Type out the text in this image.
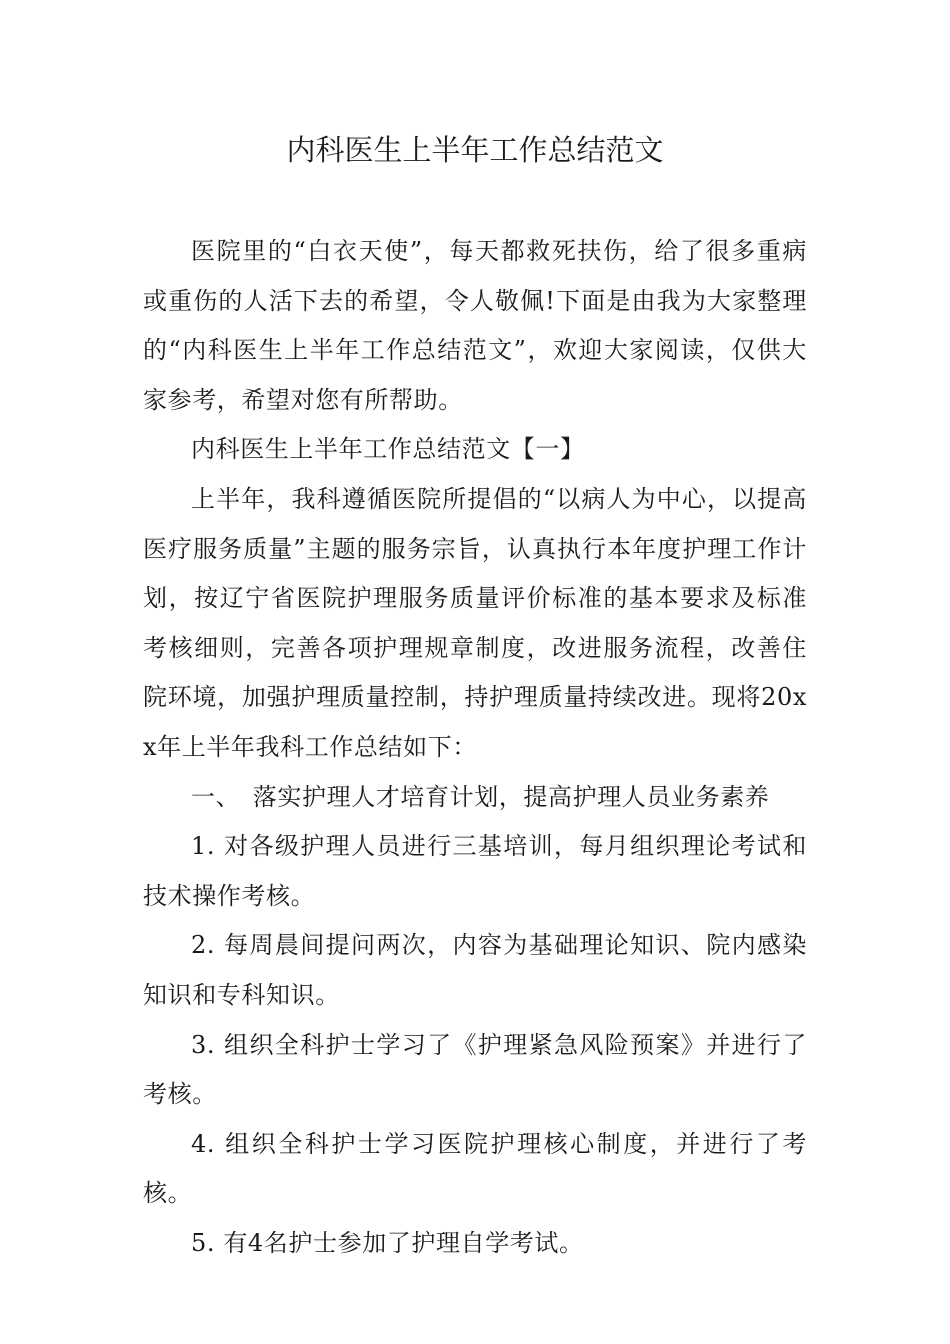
内科医生上半年工作总结范文

医院里的“白衣天使”，每天都救死扶伤，给了很多重病或重伤的人活下去的希望，令人敬佩!下面是由我为大家整理的“内科医生上半年工作总结范文”，欢迎大家阅读，仅供大家参考，希望对您有所帮助。

内科医生上半年工作总结范文【一】

上半年，我科遵循医院所提倡的“以病人为中心，以提高医疗服务质量”主题的服务宗旨，认真执行本年度护理工作计划，按辽宁省医院护理服务质量评价标准的基本要求及标准考核细则，完善各项护理规章制度，改进服务流程，改善住院环境，加强护理质量控制，持护理质量持续改进。现将20xx年上半年我科工作总结如下：

一、　落实护理人才培育计划，提高护理人员业务素养

1. 对各级护理人员进行三基培训，每月组织理论考试和技术操作考核。

2. 每周晨间提问两次，内容为基础理论知识、院内感染知识和专科知识。

3. 组织全科护士学习了《护理紧急风险预案》并进行了考核。

4. 组织全科护士学习医院护理核心制度，并进行了考核。

5. 有4名护士参加了护理自学考试。
